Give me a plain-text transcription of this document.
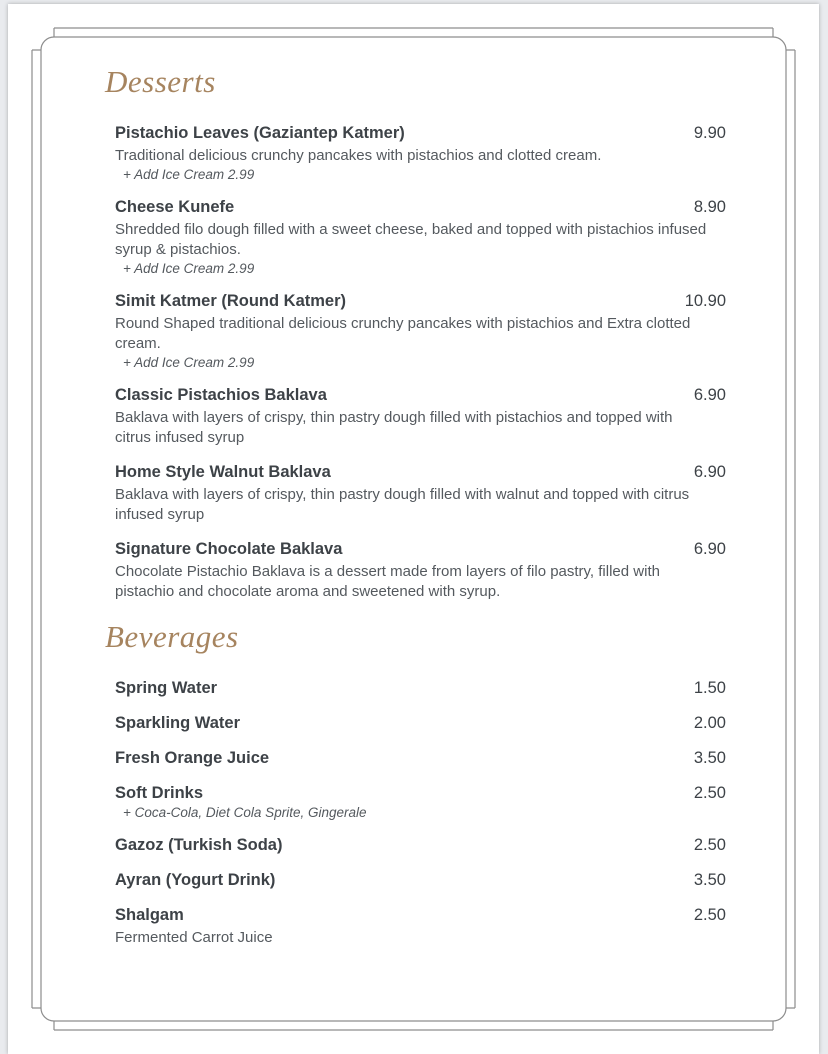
Desserts
Pistachio Leaves (Gaziantep Katmer)	9.90
Traditional delicious crunchy pancakes with pistachios and clotted cream.
+ Add Ice Cream 2.99
Cheese Kunefe	8.90
Shredded filo dough filled with a sweet cheese, baked and topped with pistachios infused syrup & pistachios.
+ Add Ice Cream 2.99
Simit Katmer (Round Katmer)	10.90
Round Shaped traditional delicious crunchy pancakes with pistachios and Extra clotted cream.
+ Add Ice Cream 2.99
Classic Pistachios Baklava	6.90
Baklava with layers of crispy, thin pastry dough filled with pistachios and topped with citrus infused syrup
Home Style Walnut Baklava	6.90
Baklava with layers of crispy, thin pastry dough filled with walnut and topped with citrus infused syrup
Signature Chocolate Baklava	6.90
Chocolate Pistachio Baklava is a dessert made from layers of filo pastry, filled with pistachio and chocolate aroma and sweetened with syrup.
Beverages
Spring Water	1.50
Sparkling Water	2.00
Fresh Orange Juice	3.50
Soft Drinks	2.50
+ Coca-Cola, Diet Cola Sprite, Gingerale
Gazoz (Turkish Soda)	2.50
Ayran (Yogurt Drink)	3.50
Shalgam	2.50
Fermented Carrot Juice
